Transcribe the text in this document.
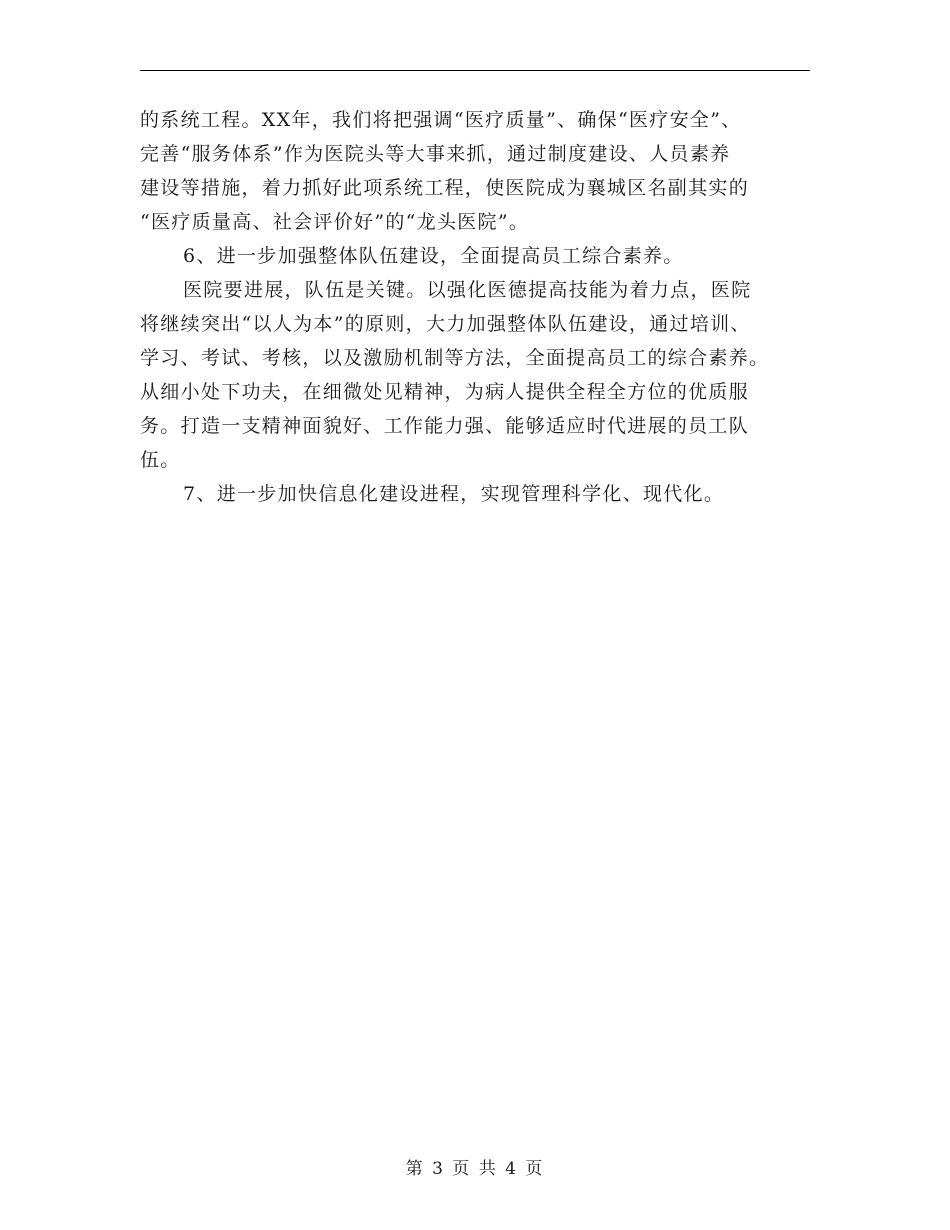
的系统工程。XX年，我们将把强调“医疗质量”、确保“医疗安全”、
完善“服务体系”作为医院头等大事来抓，通过制度建设、人员素养
建设等措施，着力抓好此项系统工程，使医院成为襄城区名副其实的
“医疗质量高、社会评价好”的“龙头医院”。
6、进一步加强整体队伍建设，全面提高员工综合素养。
医院要进展，队伍是关键。以强化医德提高技能为着力点，医院
将继续突出“以人为本”的原则，大力加强整体队伍建设，通过培训、
学习、考试、考核，以及激励机制等方法，全面提高员工的综合素养。
从细小处下功夫，在细微处见精神，为病人提供全程全方位的优质服
务。打造一支精神面貌好、工作能力强、能够适应时代进展的员工队
伍。
7、进一步加快信息化建设进程，实现管理科学化、现代化。
第 3 页 共 4 页
